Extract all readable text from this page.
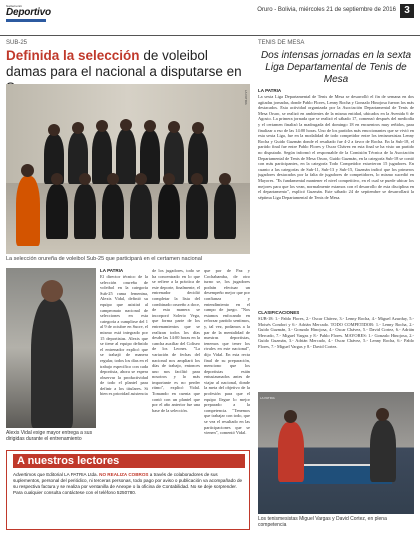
Suplemento
Deportivo	Oruro - Bolivia, miércoles 21 de septiembre de 2016 3
SUB-25
Definida la selección de voleibol damas para el nacional a disputarse en
LA PATRIA
La selección orureña de voleibol Sub-25 que participará en el certamen nacional
Alexis Vidal exige mayor entrega a sus dirigidas durante el entrenamiento
LA PATRIA
El director técnico de la selección orureña de voleibol en la categoría Sub-25 rama femenina, Alexis Vidal, definió su equipo que asistirá al campeonato nacional de selecciones en esta categoría a cumplirse del 1 al 9 de octubre en Sucre, el mismo está integrado por 15 deportistas. Alexis que se tiene al equipo definido el entrenador explicó que se trabajó de manera regular, todos los días en el trabajo específico con cada deportista, ahora se espera observar la productividad de todo el plantel para definir a los titulares. Si bien es prioridad asistencia
de los jugadores, todo se ha concentrado en lo que se refiere a la práctica de este deporte, finalmente, el entrenador decidió completar la lista del combinado orureño a doce, de esta manera se incorporó Solerio Vega, que forma parte de los entrenamientos que se realizan todos los días desde las 14:00 horas en la cancha auxiliar del Coliseo de los Leones. "La variación de fechas del nacional nos ampliará los días de trabajo, entonces uno nos facilitó para nosotros y lo más importante es no perder ritmo", explicó Vidal. Tomando en cuenta que contó con un plantel que por el año anterior fue una base de la selección.
que por de Paz y Cochabamba, de otro turno se, los jugadores podrán efectuar un desempeño mejor que por confianza y entendimiento en el campo de juego. "Nos estamos enfocando en reforzar partido sentimos, y, tal vez, podamos a la par de la mentalidad de nuestras deportistas, tenemos que tener los rivales en este nacional", dijo Vidal. En esta recta final de su preparación, menciono que los deportistas están entusiasmados antes de viajar al nacional, donde la meta del objetivo de la profesión para que el equipo llegue lo mejor preparado a la competencia. "Tenemos que trabajar con todo, que se vea el resultado en las participaciones que se vienen", comentó Vidal.
A nuestros lectores
Advertimos que Editorial LA PATRIA Ltda. NO REALIZA COBROS a través de colaboradores de sus suplementos, personal del periódico, ni terceras personas, todo pago por aviso o publicación va acompañado de su respectiva factura y se realiza por ventanilla de Anexpe o la oficina de Contabilidad. No se deje sorprender. Para cualquier consulta contáctese con el teléfono 5250780.
TENIS DE MESA
Dos intensas jornadas en la sexta Liga Departamental de Tenis de Mesa
LA PATRIA
La sexta Liga Departamental de Tenis de Mesa se desarrolló el fin de semana en dos agitadas jornadas, donde Pablo Flores, Lenny Rocha y Gonzalo Hinojosa fueron los más destacados. Esta actividad organizada por la Asociación Departamental de Tenis de Mesa Oruro, se realizó en ambientes de la misma entidad, ubicados en la Avenida 6 de Agosto. La primera jornada que se realizó el sábado 17, comenzó después del mediodía y el certamen finalizó la madrugada del domingo 18 en encuentros muy reñidos, para finalizar a eso de las 14:00 horas. Uno de los partidos más emocionantes que se vivió en esta sexta Liga, fue en la modalidad de todo competidor entre los tenismesistas Lenny Rocha y Guido Guzmán donde el resultado fue 4-2 a favor de Rocha. En la Sub-18, el partido final fue entre Pablo Flores y Oscar Chávez en esta final se ha visto un partido no disputado. Según informó el responsable de la Comisión Técnica de la Asociación Departamental de Tenis de Mesa Oruro, Guido Guzmán, en la categoría Sub-18 se contó con más participantes, en la categoría Todo Competidor estuvieron 15 jugadores. En cuanto a las categorías de Sub-11, Sub-13 y Sub-15, Guzmán indicó que los primeros jugadores destacados por la falta de jugadores de competidores, lo mismo sucedió en Mayores. "Es fundamental mantener el nivel competitivo, en el cual se puede ubicar los mejores para que los vean, normalmente estamos con el desarrollo de esta disciplina en el departamento", explicó Guzmán. Este sábado 24 de septiembre se desarrollará la séptima Liga Departamental de Tenis de Mesa.
CLASIFICACIONES
SUB-18: 1.- Pablo Flores, 2.- Oscar Chávez, 3.- Lenny Rocha, 4.- Miguel Azurduy, 5.- Moisés Condori y 6.- Adrián Mercado. TODO COMPETIDOR: 1.- Lenny Rocha, 2.- Guido Guzmán, 3.- Gonzalo Hinojosa, 4.- Oscar Chávez, 5.- David Cortez, 6.- Adrián Mercado, 7.- Miguel Vargas y 8.- Pablo Flores. MAYORES: 1.- Gonzalo Hinojosa, 2.- Guido Guzmán, 3.- Adrián Mercado, 4.- Oscar Chávez, 5.- Lenny Rocha, 6.- Pablo Flores, 7.- Miguel Vargas y 8.- David Cortez.
LA PATRIA
Los tenismesistas Miguel Vargas y David Cortez, en plena competencia
